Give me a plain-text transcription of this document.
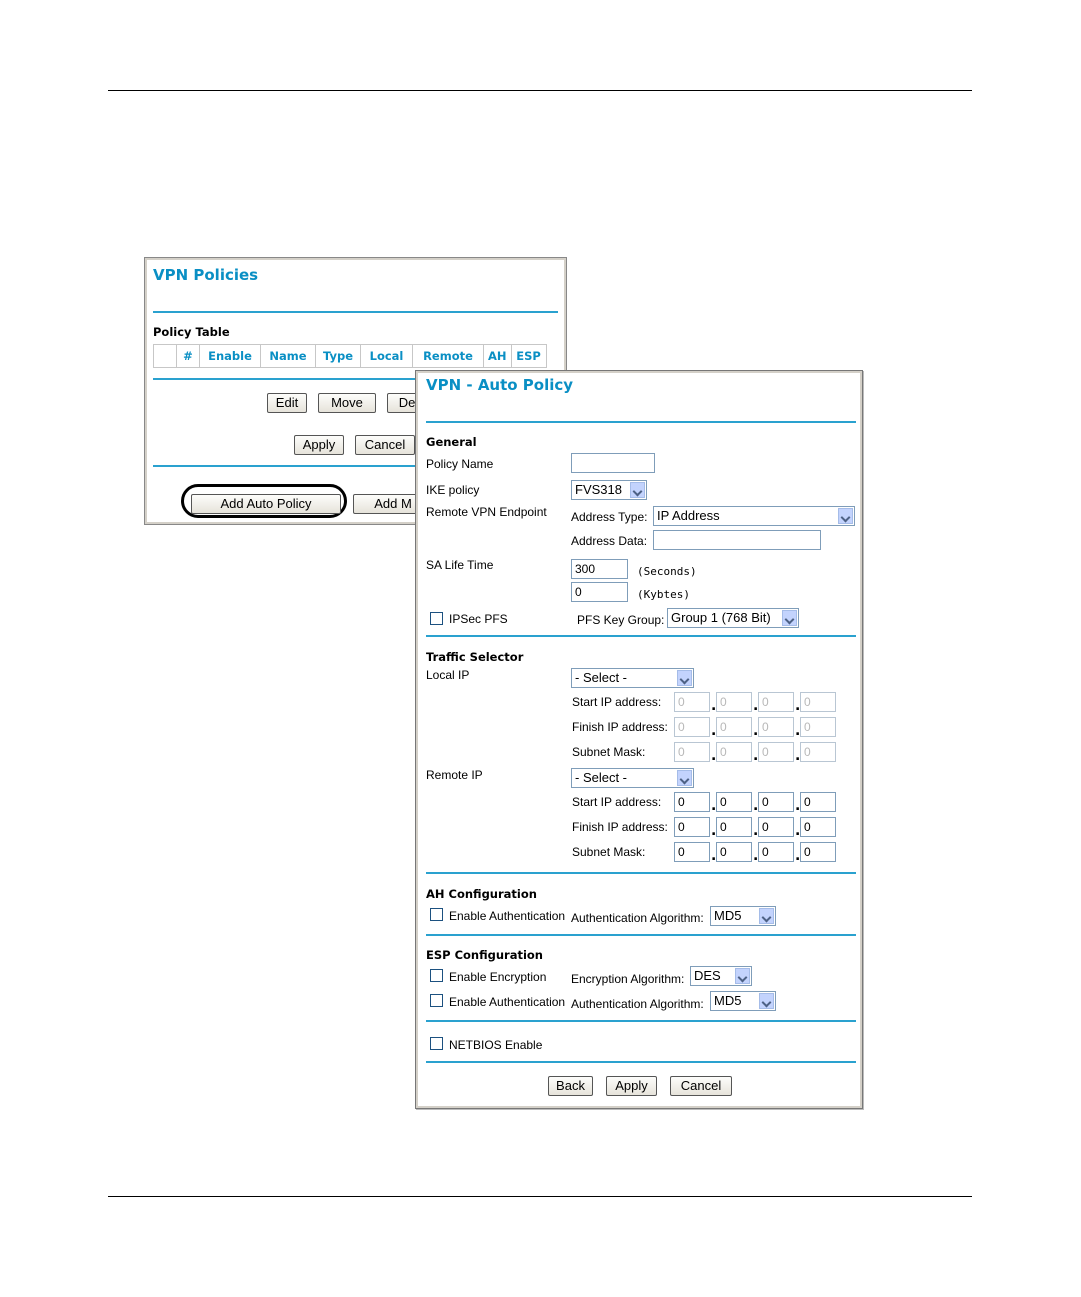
VPN Policies
Policy Table
	#	Enable	Name	Type	Local	Remote	AH	ESP
Edit	Move	De
Apply	Cancel
Add Auto Policy	Add M
VPN - Auto Policy
General
Policy Name
IKE policy	FVS318
Remote VPN Endpoint Address Type: IP Address
Address Data:
SA Life Time	300	(Seconds)
0	(Kybtes)
IPSec PFS	PFS Key Group: Group 1 (768 Bit)
Traffic Selector
Local IP	- Select -
Start IP address:	0	. 0	. 0	. 0
Finish IP address: 0	. 0	. 0	. 0
Subnet Mask:	0	. 0	. 0	. 0
Remote IP	- Select -
Start IP address:	0	. 0	. 0	. 0
Finish IP address: 0	. 0	. 0	. 0
Subnet Mask:	0	. 0	. 0	. 0
AH Configuration
Enable Authentication Authentication Algorithm: MD5
ESP Configuration
Enable Encryption Encryption Algorithm: DES
Enable Authentication Authentication Algorithm: MD5
NETBIOS Enable
Back	Apply	Cancel
